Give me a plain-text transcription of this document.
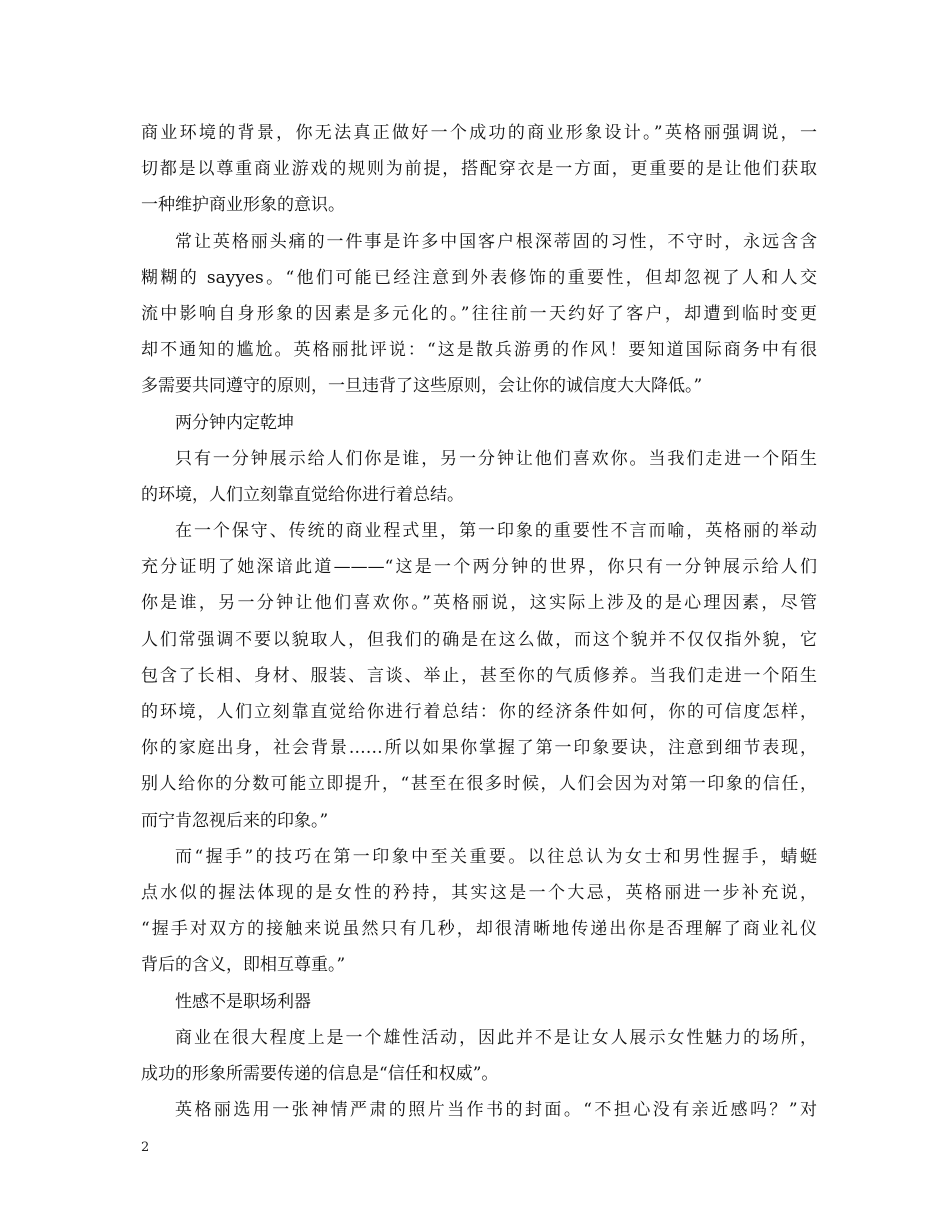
商业环境的背景，你无法真正做好一个成功的商业形象设计。”英格丽强调说，一
切都是以尊重商业游戏的规则为前提，搭配穿衣是一方面，更重要的是让他们获取
一种维护商业形象的意识。
常让英格丽头痛的一件事是许多中国客户根深蒂固的习性，不守时，永远含含
糊糊的 sayyes。“他们可能已经注意到外表修饰的重要性，但却忽视了人和人交
流中影响自身形象的因素是多元化的。”往往前一天约好了客户，却遭到临时变更
却不通知的尴尬。英格丽批评说：“这是散兵游勇的作风！要知道国际商务中有很
多需要共同遵守的原则，一旦违背了这些原则，会让你的诚信度大大降低。”
两分钟内定乾坤
只有一分钟展示给人们你是谁，另一分钟让他们喜欢你。当我们走进一个陌生
的环境，人们立刻靠直觉给你进行着总结。
在一个保守、传统的商业程式里，第一印象的重要性不言而喻，英格丽的举动
充分证明了她深谙此道———“这是一个两分钟的世界，你只有一分钟展示给人们
你是谁，另一分钟让他们喜欢你。”英格丽说，这实际上涉及的是心理因素，尽管
人们常强调不要以貌取人，但我们的确是在这么做，而这个貌并不仅仅指外貌，它
包含了长相、身材、服装、言谈、举止，甚至你的气质修养。当我们走进一个陌生
的环境，人们立刻靠直觉给你进行着总结：你的经济条件如何，你的可信度怎样，
你的家庭出身，社会背景……所以如果你掌握了第一印象要诀，注意到细节表现，
别人给你的分数可能立即提升，“甚至在很多时候，人们会因为对第一印象的信任，
而宁肯忽视后来的印象。”
而“握手”的技巧在第一印象中至关重要。以往总认为女士和男性握手，蜻蜓
点水似的握法体现的是女性的矜持，其实这是一个大忌，英格丽进一步补充说，
“握手对双方的接触来说虽然只有几秒，却很清晰地传递出你是否理解了商业礼仪
背后的含义，即相互尊重。”
性感不是职场利器
商业在很大程度上是一个雄性活动，因此并不是让女人展示女性魅力的场所，
成功的形象所需要传递的信息是“信任和权威”。
英格丽选用一张神情严肃的照片当作书的封面。“不担心没有亲近感吗？”对
2
